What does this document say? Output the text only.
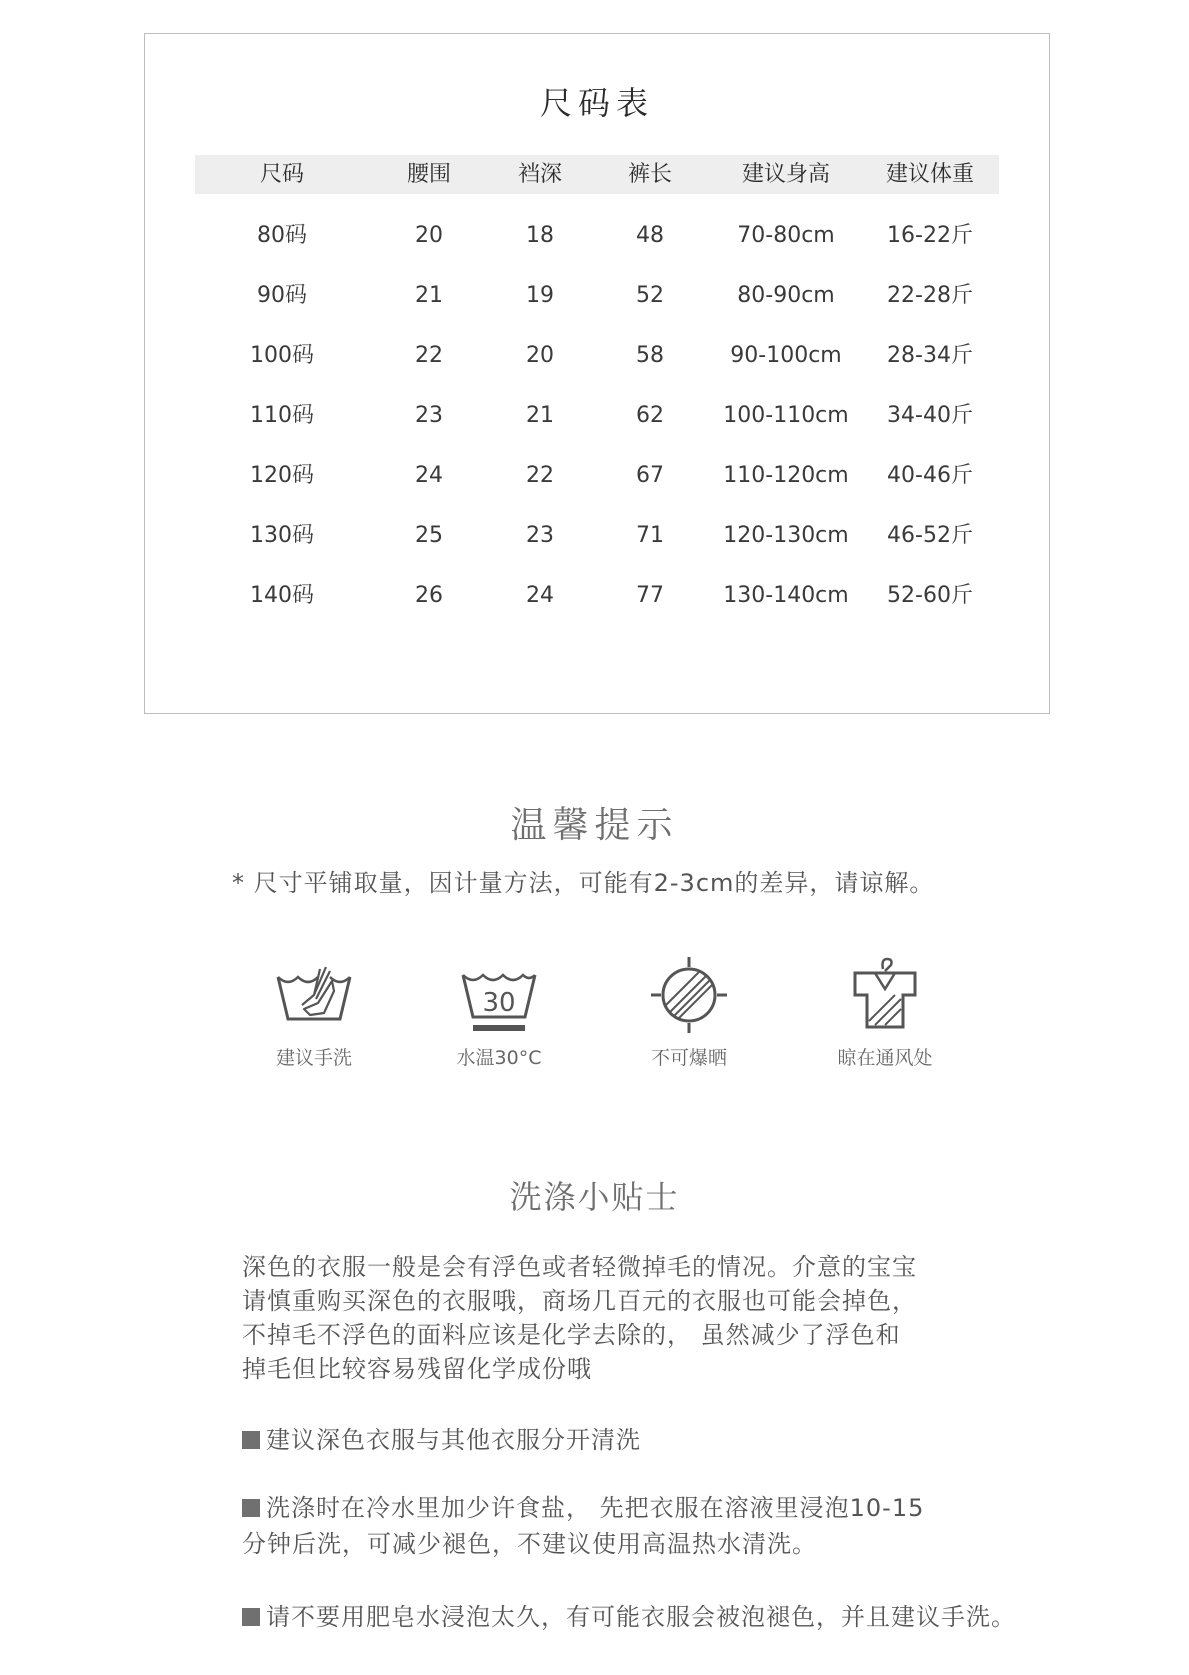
尺码表
尺码	腰围	裆深	裤长	建议身高	建议体重
80码	20	18	48	70-80cm	16-22斤
90码	21	19	52	80-90cm	22-28斤
100码	22	20	58	90-100cm	28-34斤
110码	23	21	62	100-110cm	34-40斤
120码	24	22	67	110-120cm	40-46斤
130码	25	23	71	120-130cm	46-52斤
140码	26	24	77	130-140cm	52-60斤
温馨提示
* 尺寸平铺取量，因计量方法，可能有2-3cm的差异，请谅解。
建议手洗
30
水温30°C	不可爆晒	晾在通风处
洗涤小贴士
深色的衣服一般是会有浮色或者轻微掉毛的情况。介意的宝宝
请慎重购买深色的衣服哦，商场几百元的衣服也可能会掉色，
不掉毛不浮色的面料应该是化学去除的， 虽然减少了浮色和
掉毛但比较容易残留化学成份哦
建议深色衣服与其他衣服分开清洗
洗涤时在冷水里加少许食盐， 先把衣服在溶液里浸泡10-15
分钟后洗，可减少褪色，不建议使用高温热水清洗。
请不要用肥皂水浸泡太久，有可能衣服会被泡褪色，并且建议手洗。
